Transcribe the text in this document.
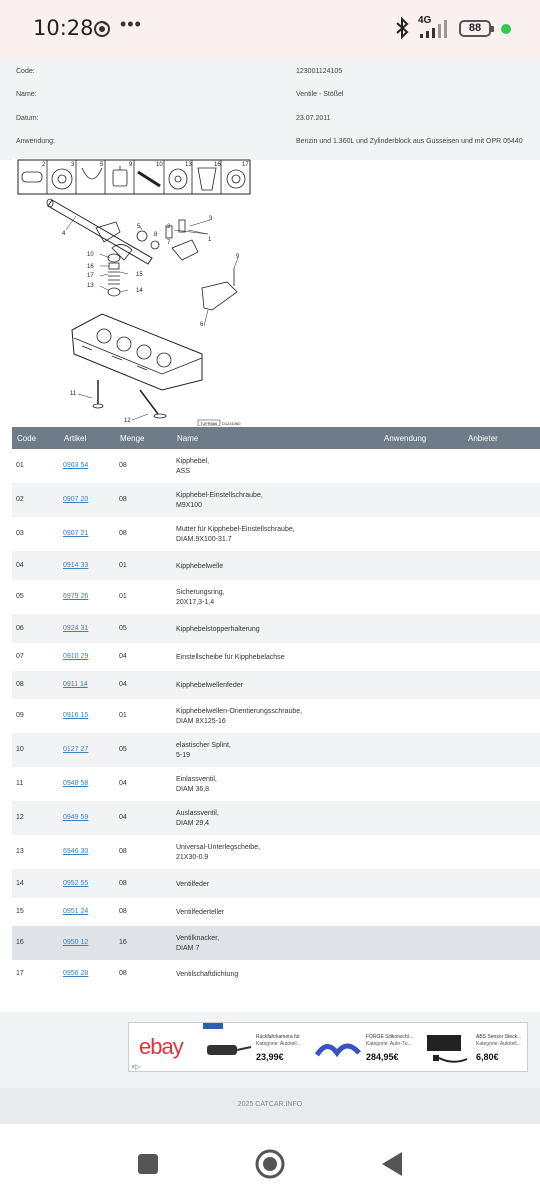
10:28 •••	4G
88
Code:	123001124105
Name:	Ventile - Stößel
Datum:	23.07.2011
Anwendung:	Benzin und 1.360L und Zylinderblock aus Gusseisen und mit OPR 05440
2	3	5	9	10	13	16	17
4
5	2
3
8
7	1
10
16
17	15
13
14
9
6
11
12	TUFR666 D1241060
Code	Artikel	Menge	Name	Anwendung	Anbieter
01	0903 54	08
Kipphebel,
ASS
02	0907 20	08
Kipphebel-Einstellschraube,
M9X100
03	0907 21	08
Mutter für Kipphebel-Einstellschraube,
DIAM.9X100-31.7
04	0914 33	01	Kipphebelwelle
05	6979 26	01
Sicherungsring,
20X17,3-1,4
06	0924 31	05	Kipphebelstopperhalterung
07	0910 29	04	Einstellscheibe für Kipphebelachse
08	0911 14	04	Kipphebelwellenfeder
09	0916 15	01
Kipphebelwellen-Orientierungsschraube,
DIAM 8X125-16
10	0127 27	05
elastischer Splint,
5-19
11	0948 58	04
Einlassventil,
DIAM 36,8
12	0949 59	04
Auslassventil,
DIAM 29,4
13	6946 30	08
Universal-Unterlegscheibe,
21X30-0.9
14	0952 55	08	Ventilfeder
15	0951 24	08	Ventilfederteller
16	0950 12	16
Ventilknacker,
DIAM 7
17	0956 28	08	Ventilschaftdichtung
ebay
×▷
Rückfahrkamera für
Kategorie: Autoteil...
23,99€
FORGE Silikonschl...
Kategorie: Auto-Tu...
284,95€
ABS Sensor Steck...
Kategorie: Autoteil...
6,80€
2025 CATCAR.INFO
